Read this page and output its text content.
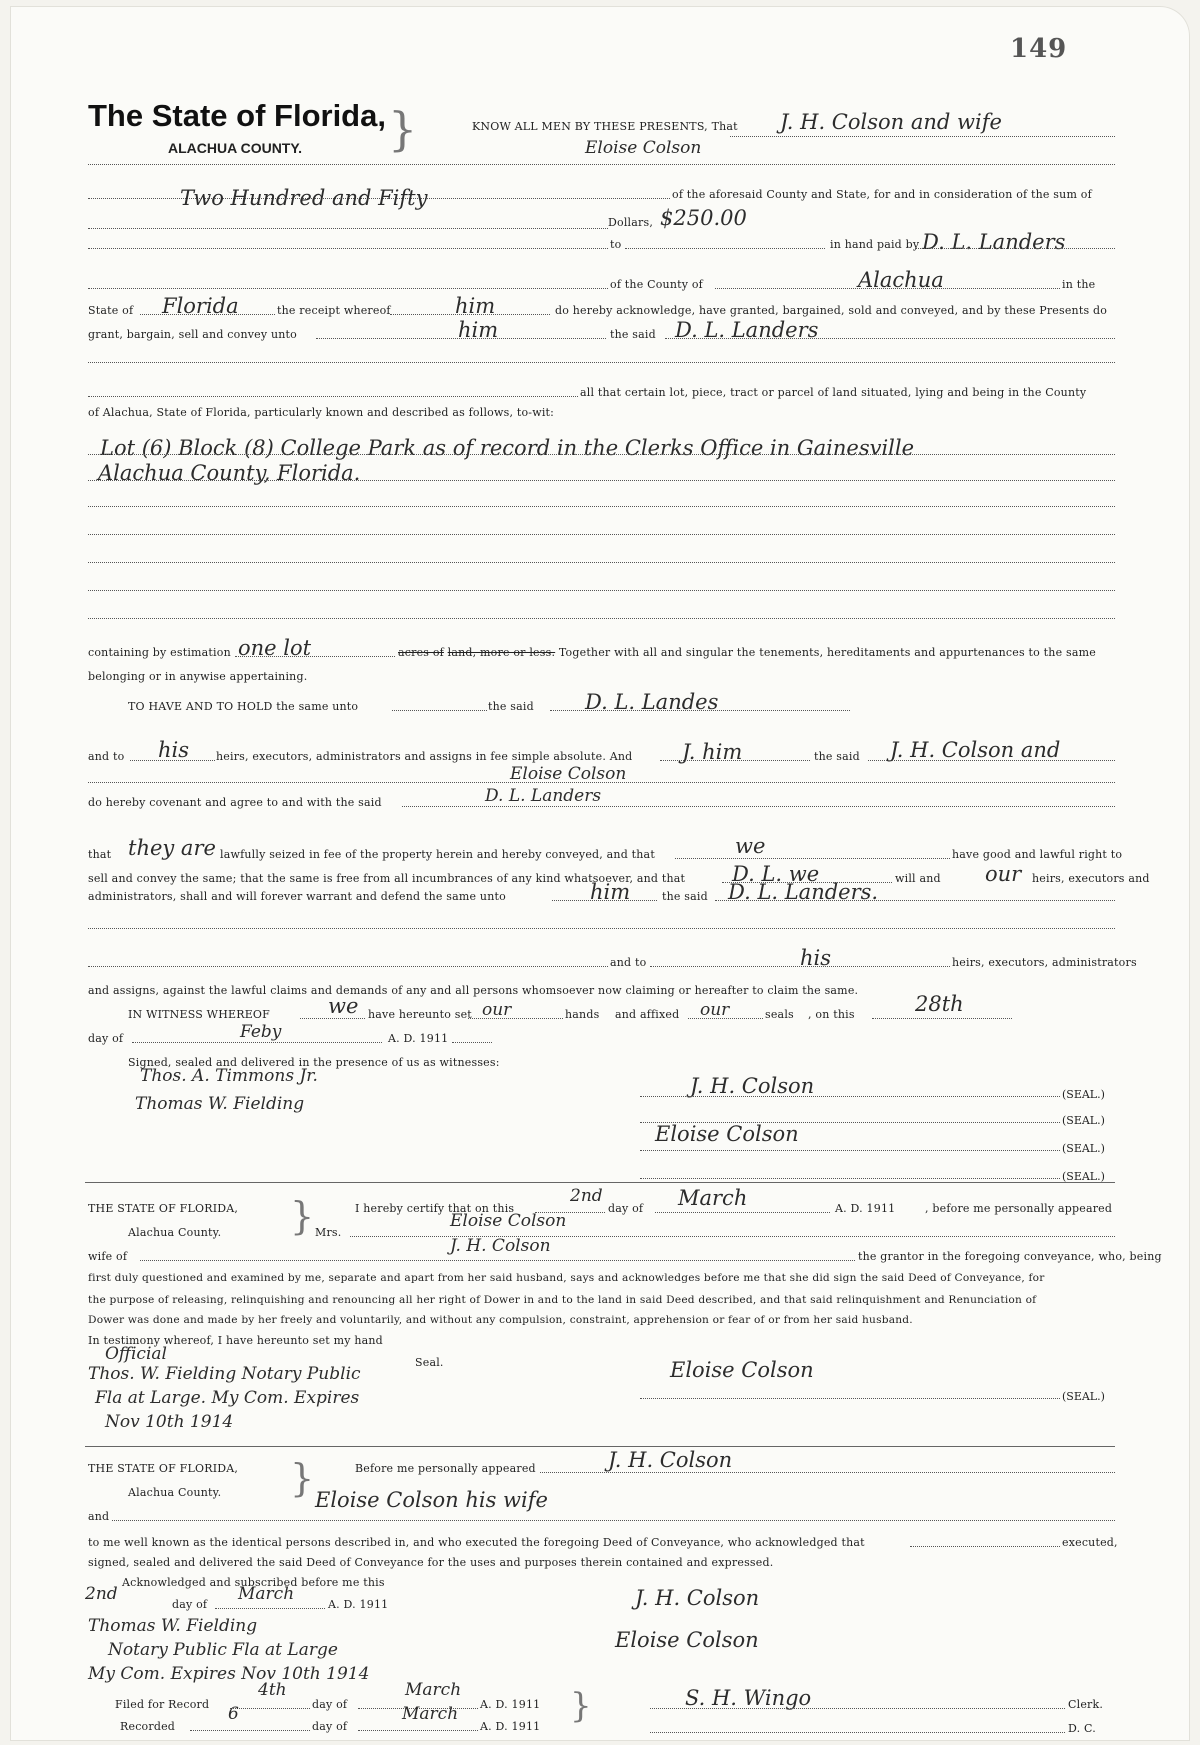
149
The State of Florida,
ALACHUA COUNTY. }	KNOW ALL MEN BY THESE PRESENTS, That J. H. Colson and wife
Eloise Colson
of the aforesaid County and State, for and in consideration of the sum of
Two Hundred and Fifty
Dollars, $250.00
to	in hand paid by D. L. Landers
of the County of	Alachua	in the
State of Florida	the receipt whereof	him	do hereby acknowledge, have granted, bargained, sold and conveyed, and by these Presents do
grant, bargain, sell and convey unto	him	the said D. L. Landers
all that certain lot, piece, tract or parcel of land situated, lying and being in the County
of Alachua, State of Florida, particularly known and described as follows, to-wit:
Lot (6) Block (8) College Park as of record in the Clerks Office in Gainesville
Alachua County, Florida.
containing by estimation one lot	acres of land, more or less. Together with all and singular the tenements, hereditaments and appurtenances to the same
belonging or in anywise appertaining.
TO HAVE AND TO HOLD the same unto	the said D. L. Landes
and to his heirs, executors, administrators and assigns in fee simple absolute. And J. him	the said J. H. Colson and
Eloise Colson
do hereby covenant and agree to and with the said	D. L. Landers
that they are lawfully seized in fee of the property herein and hereby conveyed, and that	we	have good and lawful right to
sell and convey the same; that the same is free from all incumbrances of any kind whatsoever, and that D. L. we	will and our heirs, executors and
administrators, shall and will forever warrant and defend the same unto	him	the said D. L. Landers.
and to	his	heirs, executors, administrators
and assigns, against the lawful claims and demands of any and all persons whomsoever now claiming or hereafter to claim the same.
IN WITNESS WHEREOF	we have hereunto set our	hands and affixed our	seals , on this	28th
day of	Feby	A. D. 1911
Signed, sealed and delivered in the presence of us as witnesses:
Thos. A. Timmons Jr.
Thomas W. Fielding
J. H. Colson	(SEAL.)
(SEAL.)
Eloise Colson
(SEAL.)
(SEAL.)
THE STATE OF FLORIDA,
Alachua County. }	I hereby certify that on this
2nd
day of March	A. D. 1911	, before me personally appeared
Mrs.
Eloise Colson
wife of
J. H. Colson
the grantor in the foregoing conveyance, who, being
first duly questioned and examined by me, separate and apart from her said husband, says and acknowledges before me that she did sign the said Deed of Conveyance, for
the purpose of releasing, relinquishing and renouncing all her right of Dower in and to the land in said Deed described, and that said relinquishment and Renunciation of
Dower was done and made by her freely and voluntarily, and without any compulsion, constraint, apprehension or fear of or from her said husband.
In testimony whereof, I have hereunto set my hand
Seal.
Official
Thos. W. Fielding Notary Public
Fla at Large. My Com. Expires
Nov 10th 1914
Eloise Colson
(SEAL.)
THE STATE OF FLORIDA,
Alachua County. }	Before me personally appeared	J. H. Colson
Eloise Colson his wife
and
to me well known as the identical persons described in, and who executed the foregoing Deed of Conveyance, who acknowledged that	executed,
signed, sealed and delivered the said Deed of Conveyance for the uses and purposes therein contained and expressed.
Acknowledged and subscribed before me this
2nd
day of
March
A. D. 1911
Thomas W. Fielding
Notary Public Fla at Large
My Com. Expires Nov 10th 1914
J. H. Colson
Eloise Colson
Filed for Record
4th
day of
March
A. D. 1911
Recorded
6
day of
March
A. D. 1911
}	S. H. Wingo	Clerk.
D. C.
